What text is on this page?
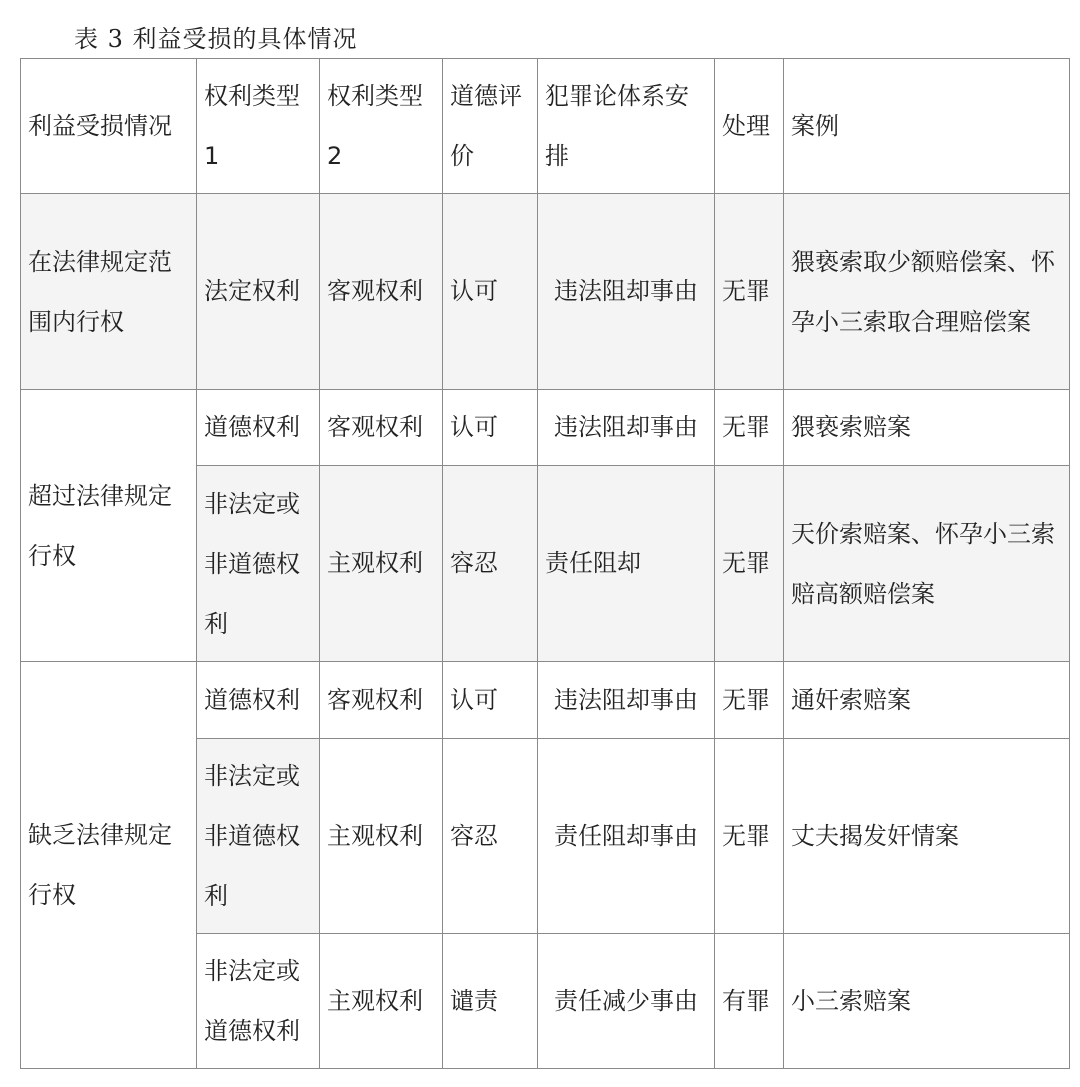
表 3 利益受损的具体情况
利益受损情况	权利类型 1	权利类型 2	道德评价	犯罪论体系安排	处理	案例
在法律规定范围内行权	法定权利	客观权利	认可	违法阻却事由	无罪	猥亵索取少额赔偿案、怀孕小三索取合理赔偿案
超过法律规定行权	道德权利	客观权利	认可	违法阻却事由	无罪	猥亵索赔案
	非法定或非道德权利	主观权利	容忍	责任阻却	无罪	天价索赔案、怀孕小三索赔高额赔偿案
缺乏法律规定行权	道德权利	客观权利	认可	违法阻却事由	无罪	通奸索赔案
	非法定或非道德权利	主观权利	容忍	责任阻却事由	无罪	丈夫揭发奸情案
	非法定或道德权利	主观权利	谴责	责任减少事由	有罪	小三索赔案
